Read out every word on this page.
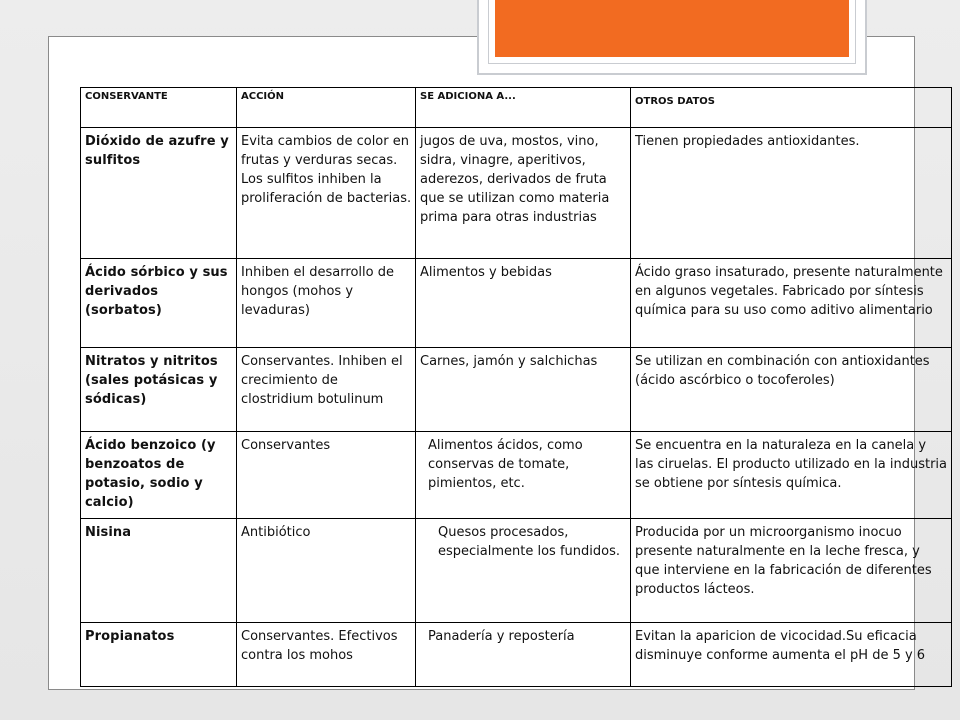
CONSERVANTE	ACCIÓN	SE ADICIONA A...	OTROS DATOS
Dióxido de azufre y sulfitos	Evita cambios de color en frutas y verduras secas. Los sulfitos inhiben la proliferación de bacterias.	jugos de uva, mostos, vino, sidra, vinagre, aperitivos, aderezos, derivados de fruta que se utilizan como materia prima para otras industrias	Tienen propiedades antioxidantes.
Ácido sórbico y sus derivados (sorbatos)	Inhiben el desarrollo de hongos (mohos y levaduras)	Alimentos y bebidas	Ácido graso insaturado, presente naturalmente en algunos vegetales. Fabricado por síntesis química para su uso como aditivo alimentario
Nitratos y nitritos (sales potásicas y sódicas)	Conservantes. Inhiben el crecimiento de clostridium botulinum	Carnes, jamón y salchichas	Se utilizan en combinación con antioxidantes (ácido ascórbico o tocoferoles)
Ácido benzoico (y benzoatos de potasio, sodio y calcio)	Conservantes	Alimentos ácidos, como conservas de tomate, pimientos, etc.	Se encuentra en la naturaleza en la canela y las ciruelas. El producto utilizado en la industria se obtiene por síntesis química.
Nisina	Antibiótico	Quesos procesados, especialmente los fundidos.	Producida por un microorganismo inocuo presente naturalmente en la leche fresca, y que interviene en la fabricación de diferentes productos lácteos.
Propianatos	Conservantes. Efectivos contra los mohos	Panadería y repostería	Evitan la aparicion de vicocidad.Su eficacia disminuye conforme aumenta el pH de 5 y 6
